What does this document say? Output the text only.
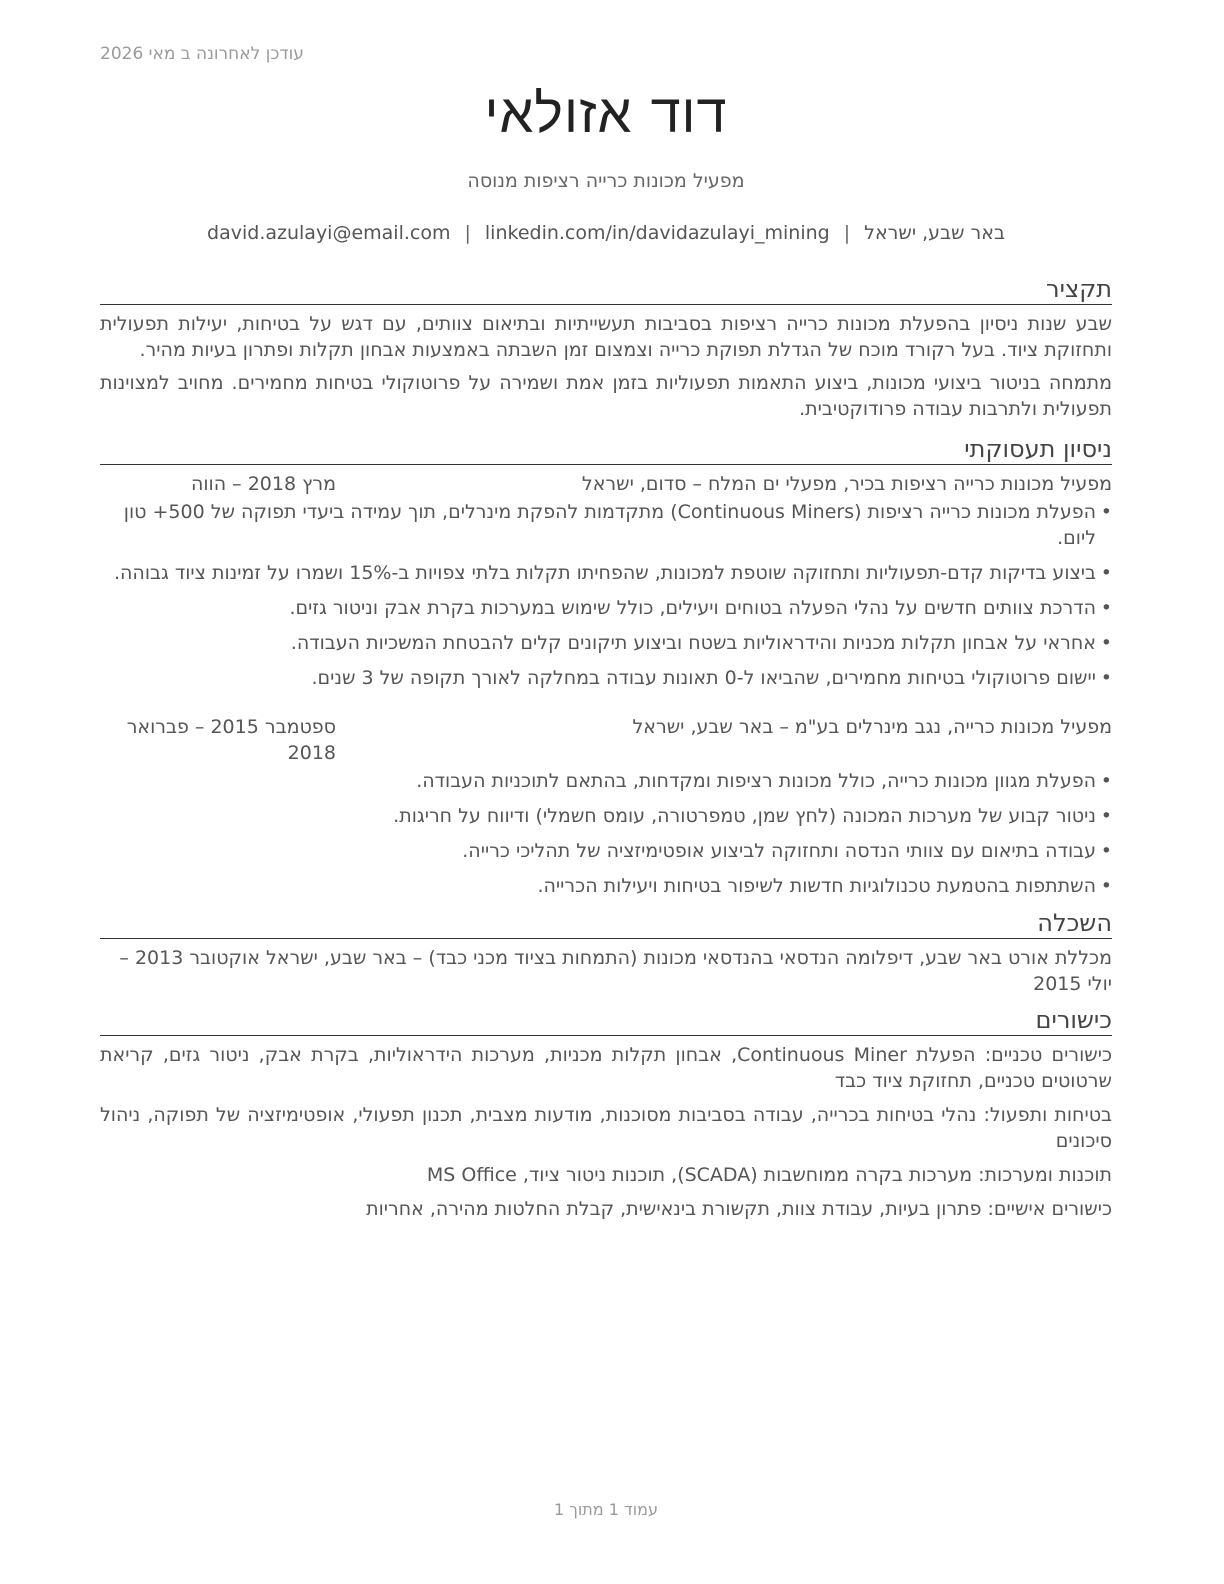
עודכן לאחרונה ב מאי 2026
דוד אזולאי
מפעיל מכונות כרייה רציפות מנוסה
באר שבע, ישראל|david.azulayi@email.com | linkedin.com/in/davidazulayi_mining
תקציר

שבע שנות ניסיון בהפעלת מכונות כרייה רציפות בסביבות תעשייתיות ובתיאום צוותים, עם דגש על בטיחות, יעילות תפעולית ותחזוקת ציוד. בעל רקורד מוכח של הגדלת תפוקת כרייה וצמצום זמן השבתה באמצעות אבחון תקלות ופתרון בעיות מהיר.

מתמחה בניטור ביצועי מכונות, ביצוע התאמות תפעוליות בזמן אמת ושמירה על פרוטוקולי בטיחות מחמירים. מחויב למצוינות תפעולית ולתרבות עבודה פרודוקטיבית.

ניסיון תעסוקתי
מפעיל מכונות כרייה רציפות בכיר, מפעלי ים המלח – סדום, ישראל
מרץ 2018 – הווה
• הפעלת מכונות כרייה רציפות (Continuous Miners) מתקדמות להפקת מינרלים, תוך עמידה ביעדי תפוקה של 500+ טון ליום.
• ביצוע בדיקות קדם-תפעוליות ותחזוקה שוטפת למכונות, שהפחיתו תקלות בלתי צפויות ב-15% ושמרו על זמינות ציוד גבוהה.
• הדרכת צוותים חדשים על נהלי הפעלה בטוחים ויעילים, כולל שימוש במערכות בקרת אבק וניטור גזים.
• אחראי על אבחון תקלות מכניות והידראוליות בשטח וביצוע תיקונים קלים להבטחת המשכיות העבודה.
• יישום פרוטוקולי בטיחות מחמירים, שהביאו ל-0 תאונות עבודה במחלקה לאורך תקופה של 3 שנים.
מפעיל מכונות כרייה, נגב מינרלים בע"מ – באר שבע, ישראל
ספטמבר 2015 – פברואר 2018
• הפעלת מגוון מכונות כרייה, כולל מכונות רציפות ומקדחות, בהתאם לתוכניות העבודה.
• ניטור קבוע של מערכות המכונה (לחץ שמן, טמפרטורה, עומס חשמלי) ודיווח על חריגות.
• עבודה בתיאום עם צוותי הנדסה ותחזוקה לביצוע אופטימיזציה של תהליכי כרייה.
• השתתפות בהטמעת טכנולוגיות חדשות לשיפור בטיחות ויעילות הכרייה.
השכלה
מכללת אורט באר שבע, דיפלומה הנדסאי בהנדסאי מכונות (התמחות בציוד מכני כבד) – באר שבע, ישראל אוקטובר 2013 – יולי 2015
כישורים
כישורים טכניים: הפעלת Continuous Miner, אבחון תקלות מכניות, מערכות הידראוליות, בקרת אבק, ניטור גזים, קריאת שרטוטים טכניים, תחזוקת ציוד כבד
בטיחות ותפעול: נהלי בטיחות בכרייה, עבודה בסביבות מסוכנות, מודעות מצבית, תכנון תפעולי, אופטימיזציה של תפוקה, ניהול סיכונים
תוכנות ומערכות: מערכות בקרה ממוחשבות (SCADA), תוכנות ניטור ציוד, MS Office
כישורים אישיים: פתרון בעיות, עבודת צוות, תקשורת בינאישית, קבלת החלטות מהירה, אחריות
עמוד 1 מתוך 1
